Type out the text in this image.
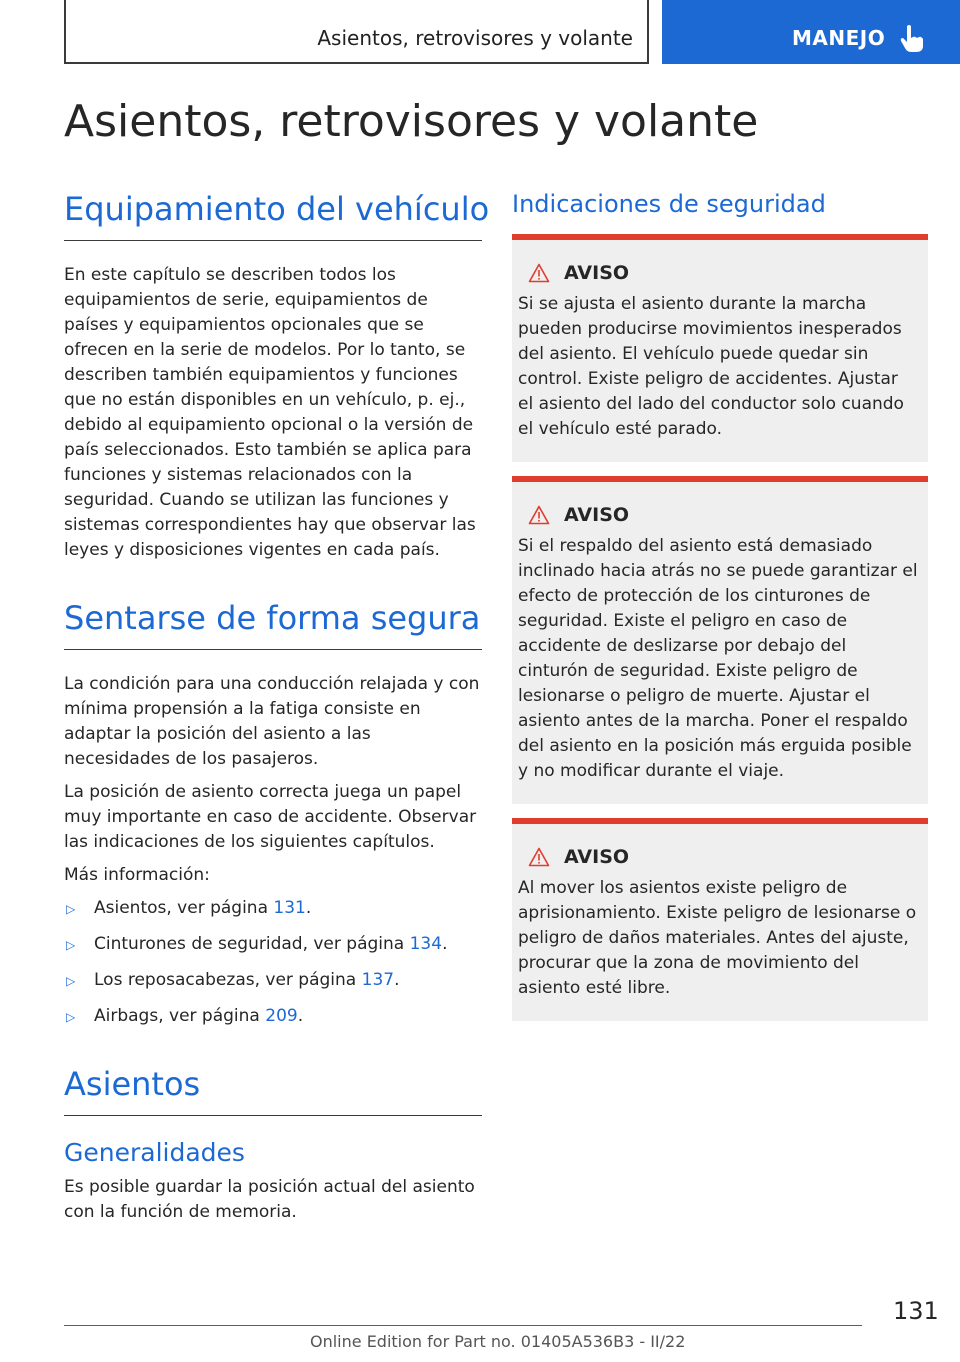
Asientos, retrovisores y volante	MANEJO
Asientos, retrovisores y volante
Equipamiento del vehículo

En este capítulo se describen todos los equipamientos de serie, equipamientos de países y equipamientos opcionales que se ofrecen en la serie de modelos. Por lo tanto, se describen también equipamientos y funciones que no están disponibles en un vehículo, p. ej., debido al equipamiento opcional o la versión de país seleccionados. Esto también se aplica para funciones y sistemas relacionados con la seguridad. Cuando se utilizan las funciones y sistemas correspondientes hay que observar las leyes y disposiciones vigentes en cada país.

Sentarse de forma segura

La condición para una conducción relajada y con mínima propensión a la fatiga consiste en adaptar la posición del asiento a las necesidades de los pasajeros.

La posición de asiento correcta juega un papel muy importante en caso de accidente. Observar las indicaciones de los siguientes capítulos.

Más información:

▷ Asientos, ver página 131.
▷ Cinturones de seguridad, ver página 134.
▷ Los reposacabezas, ver página 137.
▷ Airbags, ver página 209.
Asientos
Generalidades

Es posible guardar la posición actual del asiento con la función de memoria.

Indicaciones de seguridad
AVISO

Si se ajusta el asiento durante la marcha pueden producirse movimientos inesperados del asiento. El vehículo puede quedar sin control. Existe peligro de accidentes. Ajustar el asiento del lado del conductor solo cuando el vehículo esté parado.

AVISO

Si el respaldo del asiento está demasiado inclinado hacia atrás no se puede garantizar el efecto de protección de los cinturones de seguridad. Existe el peligro en caso de accidente de deslizarse por debajo del cinturón de seguridad. Existe peligro de lesionarse o peligro de muerte. Ajustar el asiento antes de la marcha. Poner el respaldo del asiento en la posición más erguida posible y no modificar durante el viaje.

AVISO

Al mover los asientos existe peligro de aprisionamiento. Existe peligro de lesionarse o peligro de daños materiales. Antes del ajuste, procurar que la zona de movimiento del asiento esté libre.

131
Online Edition for Part no. 01405A536B3 - II/22
